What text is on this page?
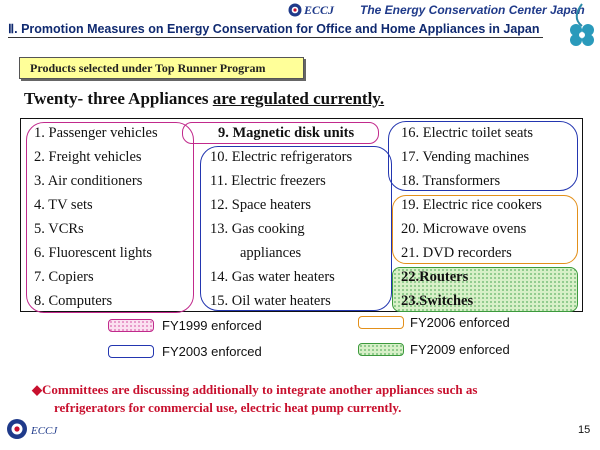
ECCJ The Energy Conservation Center Japan
Ⅱ. Promotion Measures on Energy Conservation for Office and Home Appliances in Japan
Products selected under Top Runner Program
Twenty- three Appliances are regulated currently.
1. Passenger vehicles
2. Freight vehicles
3. Air conditioners
4. TV sets
5. VCRs
6. Fluorescent lights
7. Copiers
8. Computers
9. Magnetic disk units
10. Electric refrigerators
11. Electric freezers
12. Space heaters
13. Gas cooking
appliances
14. Gas water heaters
15. Oil water heaters
16. Electric toilet seats
17. Vending machines
18. Transformers
19. Electric rice cookers
20. Microwave ovens
21. DVD recorders
22.Routers
23.Switches
FY1999 enforced
FY2003 enforced
FY2006 enforced
FY2009 enforced
◆Committees are discussing additionally to integrate another appliances such as
refrigerators for commercial use, electric heat pump currently.
ECCJ	15
